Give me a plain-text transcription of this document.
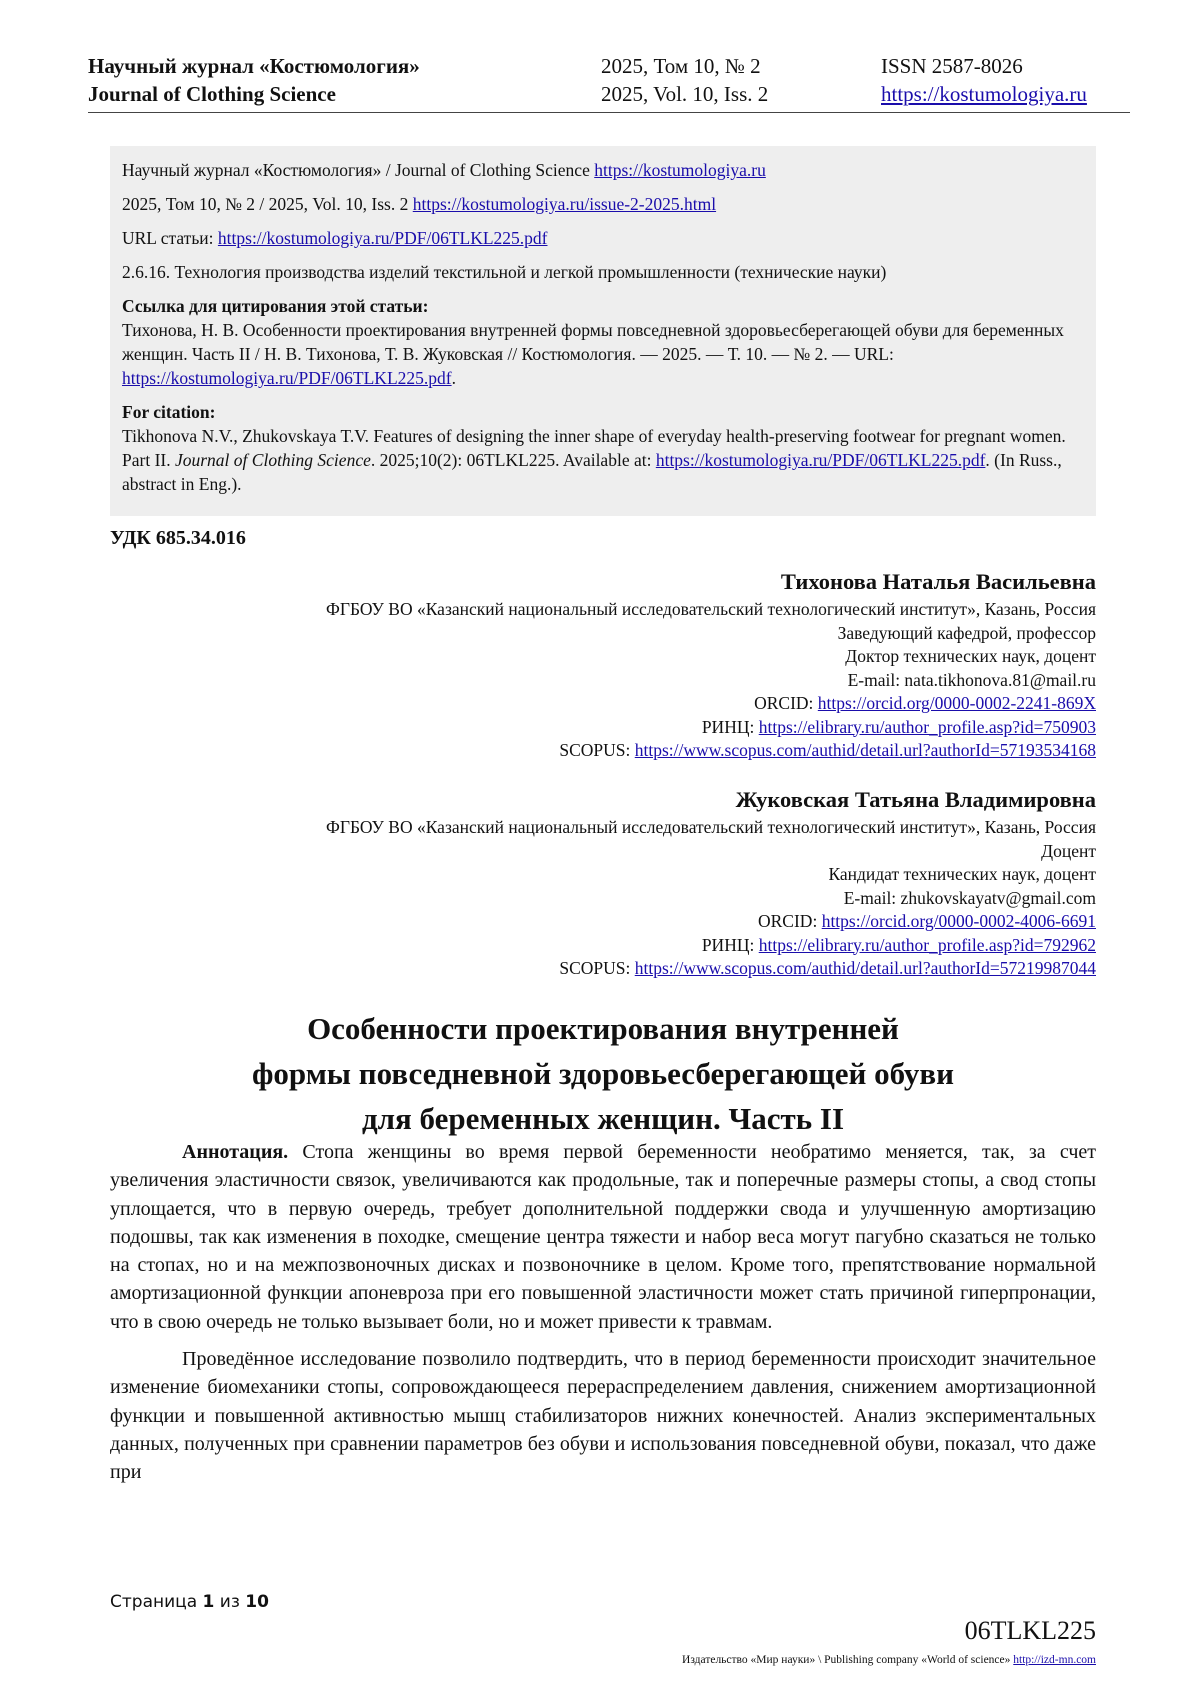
Научный журнал «Костюмология»
Journal of Clothing Science
2025, Том 10, № 2
2025, Vol. 10, Iss. 2
ISSN 2587-8026
https://kostumologiya.ru

Научный журнал «Костюмология» / Journal of Clothing Science https://kostumologiya.ru

2025, Том 10, № 2 / 2025, Vol. 10, Iss. 2 https://kostumologiya.ru/issue-2-2025.html

URL статьи: https://kostumologiya.ru/PDF/06TLKL225.pdf

2.6.16. Технология производства изделий текстильной и легкой промышленности (технические науки)

Ссылка для цитирования этой статьи:
Тихонова, Н. В. Особенности проектирования внутренней формы повседневной здоровьесберегающей обуви для беременных женщин. Часть II / Н. В. Тихонова, Т. В. Жуковская // Костюмология. — 2025. — Т. 10. — № 2. — URL: https://kostumologiya.ru/PDF/06TLKL225.pdf.

For citation:
Tikhonova N.V., Zhukovskaya T.V. Features of designing the inner shape of everyday health-preserving footwear for pregnant women. Part II. Journal of Clothing Science. 2025;10(2): 06TLKL225. Available at: https://kostumologiya.ru/PDF/06TLKL225.pdf. (In Russ., abstract in Eng.).

УДК 685.34.016
Тихонова Наталья Васильевна
ФГБОУ ВО «Казанский национальный исследовательский технологический институт», Казань, Россия
Заведующий кафедрой, профессор
Доктор технических наук, доцент
E-mail: nata.tikhonova.81@mail.ru
ORCID: https://orcid.org/0000-0002-2241-869X
РИНЦ: https://elibrary.ru/author_profile.asp?id=750903
SCOPUS: https://www.scopus.com/authid/detail.url?authorId=57193534168
Жуковская Татьяна Владимировна
ФГБОУ ВО «Казанский национальный исследовательский технологический институт», Казань, Россия
Доцент
Кандидат технических наук, доцент
E-mail: zhukovskayatv@gmail.com
ORCID: https://orcid.org/0000-0002-4006-6691
РИНЦ: https://elibrary.ru/author_profile.asp?id=792962
SCOPUS: https://www.scopus.com/authid/detail.url?authorId=57219987044
Особенности проектирования внутренней
формы повседневной здоровьесберегающей обуви
для беременных женщин. Часть II

Аннотация. Стопа женщины во время первой беременности необратимо меняется, так, за счет увеличения эластичности связок, увеличиваются как продольные, так и поперечные размеры стопы, а свод стопы уплощается, что в первую очередь, требует дополнительной поддержки свода и улучшенную амортизацию подошвы, так как изменения в походке, смещение центра тяжести и набор веса могут пагубно сказаться не только на стопах, но и на межпозвоночных дисках и позвоночнике в целом. Кроме того, препятствование нормальной амортизационной функции апоневроза при его повышенной эластичности может стать причиной гиперпронации, что в свою очередь не только вызывает боли, но и может привести к травмам.

Проведённое исследование позволило подтвердить, что в период беременности происходит значительное изменение биомеханики стопы, сопровождающееся перераспределением давления, снижением амортизационной функции и повышенной активностью мышц стабилизаторов нижних конечностей. Анализ экспериментальных данных, полученных при сравнении параметров без обуви и использования повседневной обуви, показал, что даже при

Страница 1 из 10
06TLKL225
Издательство «Мир науки» \ Publishing company «World of science» http://izd-mn.com
